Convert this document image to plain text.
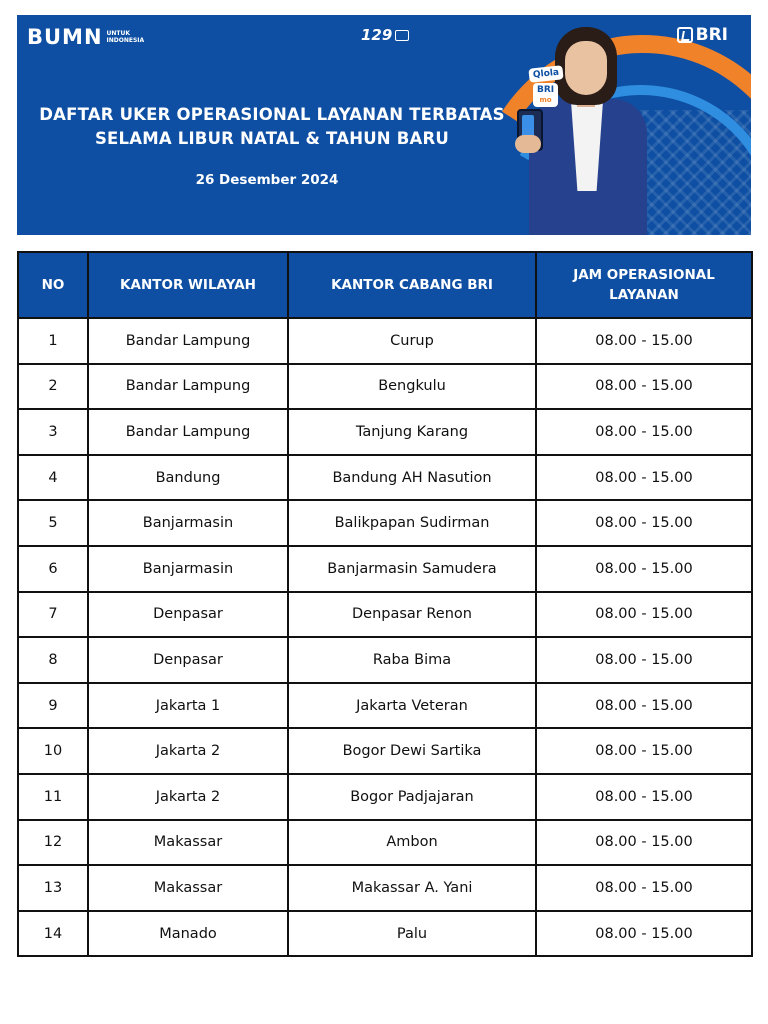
BUMN UNTUK
INDONESIA	129	BRI
DAFTAR UKER OPERASIONAL LAYANAN TERBATAS
SELAMA LIBUR NATAL & TAHUN BARU
26 Desember 2024
Qlola
BRI
mo
NO	KANTOR WILAYAH	KANTOR CABANG BRI	JAM OPERASIONAL LAYANAN

1	Bandar Lampung	Curup	08.00 - 15.00
2	Bandar Lampung	Bengkulu	08.00 - 15.00
3	Bandar Lampung	Tanjung Karang	08.00 - 15.00
4	Bandung	Bandung AH Nasution	08.00 - 15.00
5	Banjarmasin	Balikpapan Sudirman	08.00 - 15.00
6	Banjarmasin	Banjarmasin Samudera	08.00 - 15.00
7	Denpasar	Denpasar Renon	08.00 - 15.00
8	Denpasar	Raba Bima	08.00 - 15.00
9	Jakarta 1	Jakarta Veteran	08.00 - 15.00
10	Jakarta 2	Bogor Dewi Sartika	08.00 - 15.00
11	Jakarta 2	Bogor Padjajaran	08.00 - 15.00
12	Makassar	Ambon	08.00 - 15.00
13	Makassar	Makassar A. Yani	08.00 - 15.00
14	Manado	Palu	08.00 - 15.00
